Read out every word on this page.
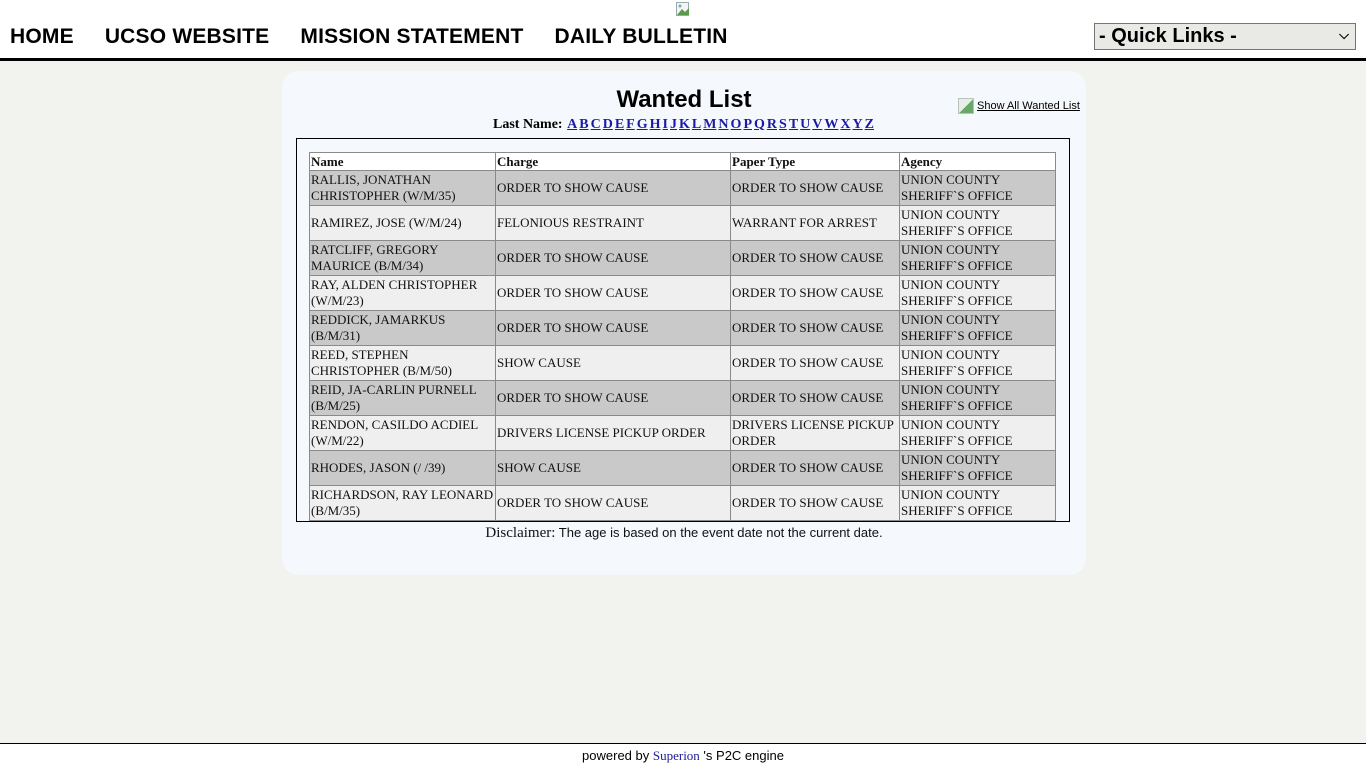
HOME UCSO WEBSITE MISSION STATEMENT DAILY BULLETIN	- Quick Links -	⌵
Wanted List
Last Name: A B C D E F G H I J K L M N O P Q R S T U V W X Y Z
Show All Wanted List
Name	Charge	Paper Type	Agency
RALLIS, JONATHAN CHRISTOPHER (W/M/35)	ORDER TO SHOW CAUSE	ORDER TO SHOW CAUSE	UNION COUNTY SHERIFF`S OFFICE
RAMIREZ, JOSE (W/M/24)	FELONIOUS RESTRAINT	WARRANT FOR ARREST	UNION COUNTY SHERIFF`S OFFICE
RATCLIFF, GREGORY MAURICE (B/M/34)	ORDER TO SHOW CAUSE	ORDER TO SHOW CAUSE	UNION COUNTY SHERIFF`S OFFICE
RAY, ALDEN CHRISTOPHER (W/M/23)	ORDER TO SHOW CAUSE	ORDER TO SHOW CAUSE	UNION COUNTY SHERIFF`S OFFICE
REDDICK, JAMARKUS (B/M/31)	ORDER TO SHOW CAUSE	ORDER TO SHOW CAUSE	UNION COUNTY SHERIFF`S OFFICE
REED, STEPHEN CHRISTOPHER (B/M/50)	SHOW CAUSE	ORDER TO SHOW CAUSE	UNION COUNTY SHERIFF`S OFFICE
REID, JA-CARLIN PURNELL (B/M/25)	ORDER TO SHOW CAUSE	ORDER TO SHOW CAUSE	UNION COUNTY SHERIFF`S OFFICE
RENDON, CASILDO ACDIEL (W/M/22)	DRIVERS LICENSE PICKUP ORDER	DRIVERS LICENSE PICKUP ORDER	UNION COUNTY SHERIFF`S OFFICE
RHODES, JASON (/ /39)	SHOW CAUSE	ORDER TO SHOW CAUSE	UNION COUNTY SHERIFF`S OFFICE
RICHARDSON, RAY LEONARD (B/M/35)	ORDER TO SHOW CAUSE	ORDER TO SHOW CAUSE	UNION COUNTY SHERIFF`S OFFICE
Disclaimer: The age is based on the event date not the current date.
powered by Superion 's P2C engine
